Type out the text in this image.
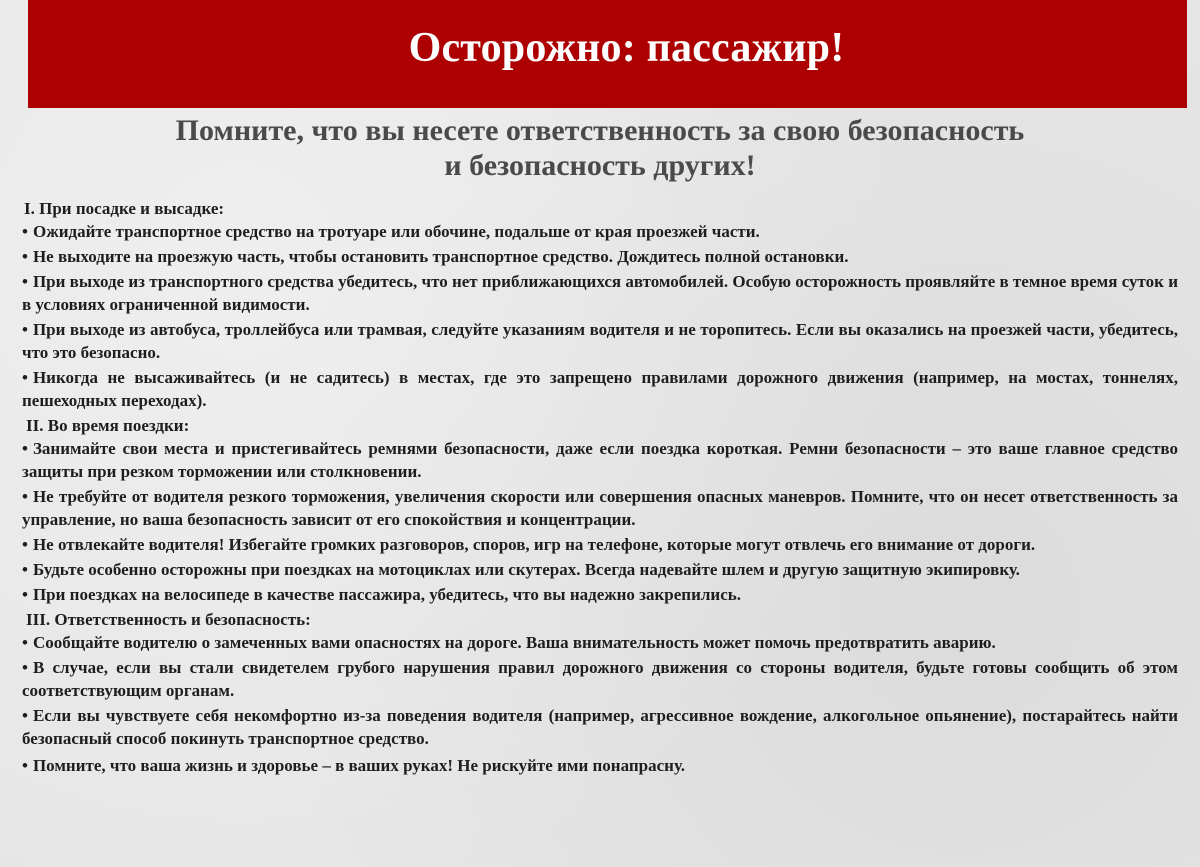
Осторожно: пассажир!
Помните, что вы несете ответственность за свою безопасность
и безопасность других!
I. При посадке и высадке:
• Ожидайте транспортное средство на тротуаре или обочине, подальше от края проезжей части.
• Не выходите на проезжую часть, чтобы остановить транспортное средство. Дождитесь полной остановки.
• При выходе из транспортного средства убедитесь, что нет приближающихся автомобилей. Особую осторожность проявляйте в темное время суток и в условиях ограниченной видимости.
• При выходе из автобуса, троллейбуса или трамвая, следуйте указаниям водителя и не торопитесь. Если вы оказались на проезжей части, убедитесь, что это безопасно.
• Никогда не высаживайтесь (и не садитесь) в местах, где это запрещено правилами дорожного движения (например, на мостах, тоннелях, пешеходных переходах).
II. Во время поездки:
• Занимайте свои места и пристегивайтесь ремнями безопасности, даже если поездка короткая. Ремни безопасности – это ваше главное средство защиты при резком торможении или столкновении.
• Не требуйте от водителя резкого торможения, увеличения скорости или совершения опасных маневров. Помните, что он несет ответственность за управление, но ваша безопасность зависит от его спокойствия и концентрации.
• Не отвлекайте водителя! Избегайте громких разговоров, споров, игр на телефоне, которые могут отвлечь его внимание от дороги.
• Будьте особенно осторожны при поездках на мотоциклах или скутерах. Всегда надевайте шлем и другую защитную экипировку.
• При поездках на велосипеде в качестве пассажира, убедитесь, что вы надежно закрепились.
III. Ответственность и безопасность:
• Сообщайте водителю о замеченных вами опасностях на дороге. Ваша внимательность может помочь предотвратить аварию.
• В случае, если вы стали свидетелем грубого нарушения правил дорожного движения со стороны водителя, будьте готовы сообщить об этом соответствующим органам.
• Если вы чувствуете себя некомфортно из-за поведения водителя (например, агрессивное вождение, алкогольное опьянение), постарайтесь найти безопасный способ покинуть транспортное средство.
• Помните, что ваша жизнь и здоровье – в ваших руках! Не рискуйте ими понапрасну.
